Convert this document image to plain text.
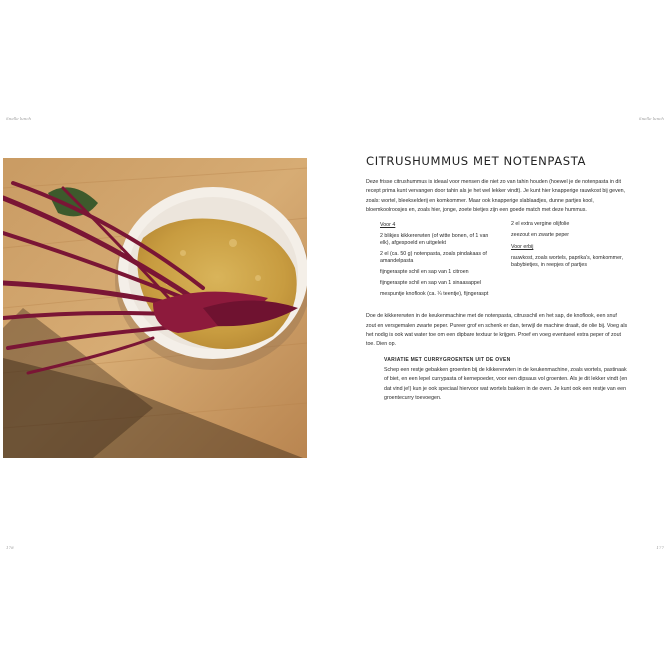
Snelle lunch	Snelle lunch
CITRUSHUMMUS MET NOTENPASTA

Deze frisse citrushummus is ideaal voor mensen die niet zo van tahin houden (hoewel je de notenpasta in dit recept prima kunt vervangen door tahin als je het wel lekker vindt). Je kunt hier knapperige rauwkost bij geven, zoals: wortel, bleekselderij en komkommer. Maar ook knapperige slablaadjes, dunne partjes kool, bloemkoolroosjes en, zoals hier, jonge, zoete bietjes zijn een goede match met deze hummus.

Voor 4
2 blikjes kikkererwten (of witte bonen, of 1 van elk), afgespoeld en uitgelekt
2 el (ca. 50 g) notenpasta, zoals pindakaas of amandelpasta
fijngeraspte schil en sap van 1 citroen
fijngeraspte schil en sap van 1 sinaasappel
mespuntje knoflook (ca. ¼ teentje), fijngeraspt
2 el extra vergine olijfolie
zeezout en zwarte peper
Voor erbij
rauwkost, zoals wortels, paprika's, komkommer, babybietjes, in reepjes of partjes

Doe de kikkererwten in de keukenmachine met de notenpasta, citrusschil en het sap, de knoflook, een snuf zout en versgemalen zwarte peper. Pureer grof en schenk er dan, terwijl de machine draait, de olie bij. Voeg als het nodig is ook wat water toe om een dipbare textuur te krijgen. Proef en voeg eventueel extra peper of zout toe. Dien op.

VARIATIE MET CURRYGROENTEN UIT DE OVEN
Schep een restje gebakken groenten bij de kikkererwten in de keukenmachine, zoals wortels, pastinaak of biet, en een lepel currypasta of kernepoeder, voor een dipsaus vol groenten. Als je dit lekker vindt (en dat vind je!) kun je ook speciaal hiervoor wat wortels bakken in de oven. Je kunt ook een restje van een groentecurry toevoegen.
178	177
